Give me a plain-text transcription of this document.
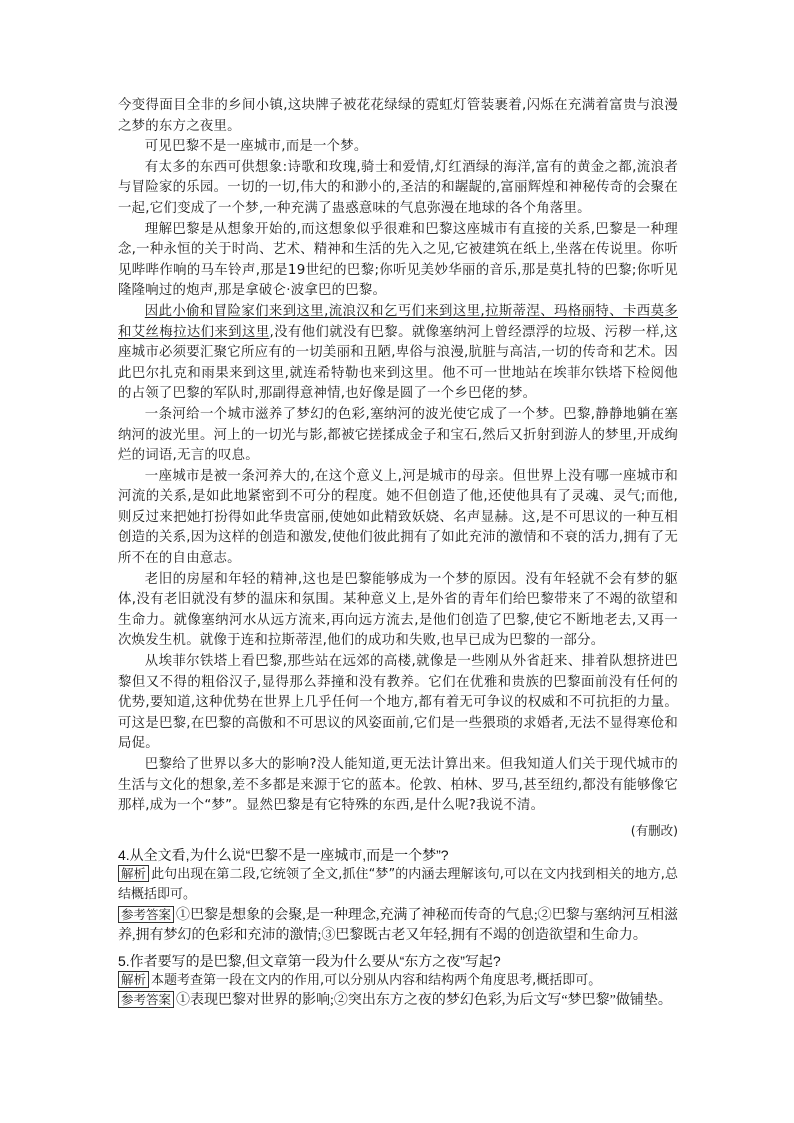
今变得面目全非的乡间小镇,这块牌子被花花绿绿的霓虹灯管装裹着,闪烁在充满着富贵与浪漫之梦的东方之夜里。

可见巴黎不是一座城市,而是一个梦。

有太多的东西可供想象:诗歌和玫瑰,骑士和爱情,灯红酒绿的海洋,富有的黄金之都,流浪者与冒险家的乐园。一切的一切,伟大的和渺小的,圣洁的和龌龊的,富丽辉煌和神秘传奇的会聚在一起,它们变成了一个梦,一种充满了蛊惑意味的气息弥漫在地球的各个角落里。

理解巴黎是从想象开始的,而这想象似乎很难和巴黎这座城市有直接的关系,巴黎是一种理念,一种永恒的关于时尚、艺术、精神和生活的先入之见,它被建筑在纸上,坐落在传说里。你听见哔哔作响的马车铃声,那是19世纪的巴黎;你听见美妙华丽的音乐,那是莫扎特的巴黎;你听见隆隆响过的炮声,那是拿破仑·波拿巴的巴黎。

因此小偷和冒险家们来到这里,流浪汉和乞丐们来到这里,拉斯蒂涅、玛格丽特、卡西莫多和艾丝梅拉达们来到这里,没有他们就没有巴黎。就像塞纳河上曾经漂浮的垃圾、污秽一样,这座城市必须要汇聚它所应有的一切美丽和丑陋,卑俗与浪漫,肮脏与高洁,一切的传奇和艺术。因此巴尔扎克和雨果来到这里,就连希特勒也来到这里。他不可一世地站在埃菲尔铁塔下检阅他的占领了巴黎的军队时,那副得意神情,也好像是圆了一个乡巴佬的梦。

一条河给一个城市滋养了梦幻的色彩,塞纳河的波光使它成了一个梦。巴黎,静静地躺在塞纳河的波光里。河上的一切光与影,都被它搓揉成金子和宝石,然后又折射到游人的梦里,开成绚烂的词语,无言的叹息。

一座城市是被一条河养大的,在这个意义上,河是城市的母亲。但世界上没有哪一座城市和河流的关系,是如此地紧密到不可分的程度。她不但创造了他,还使他具有了灵魂、灵气;而他,则反过来把她打扮得如此华贵富丽,使她如此精致妖娆、名声显赫。这,是不可思议的一种互相创造的关系,因为这样的创造和激发,使他们彼此拥有了如此充沛的激情和不衰的活力,拥有了无所不在的自由意志。

老旧的房屋和年轻的精神,这也是巴黎能够成为一个梦的原因。没有年轻就不会有梦的躯体,没有老旧就没有梦的温床和氛围。某种意义上,是外省的青年们给巴黎带来了不竭的欲望和生命力。就像塞纳河水从远方流来,再向远方流去,是他们创造了巴黎,使它不断地老去,又再一次焕发生机。就像于连和拉斯蒂涅,他们的成功和失败,也早已成为巴黎的一部分。

从埃菲尔铁塔上看巴黎,那些站在远郊的高楼,就像是一些刚从外省赶来、排着队想挤进巴黎但又不得的粗俗汉子,显得那么莽撞和没有教养。它们在优雅和贵族的巴黎面前没有任何的优势,要知道,这种优势在世界上几乎任何一个地方,都有着无可争议的权威和不可抗拒的力量。可这是巴黎,在巴黎的高傲和不可思议的风姿面前,它们是一些猥琐的求婚者,无法不显得寒伧和局促。

巴黎给了世界以多大的影响?没人能知道,更无法计算出来。但我知道人们关于现代城市的生活与文化的想象,差不多都是来源于它的蓝本。伦敦、柏林、罗马,甚至纽约,都没有能够像它那样,成为一个“梦”。显然巴黎是有它特殊的东西,是什么呢?我说不清。

(有删改)

4.从全文看,为什么说“巴黎不是一座城市,而是一个梦”?

解析 此句出现在第二段,它统领了全文,抓住“梦”的内涵去理解该句,可以在文内找到相关的地方,总结概括即可。

参考答案 ①巴黎是想象的会聚,是一种理念,充满了神秘而传奇的气息;②巴黎与塞纳河互相滋养,拥有梦幻的色彩和充沛的激情;③巴黎既古老又年轻,拥有不竭的创造欲望和生命力。

5.作者要写的是巴黎,但文章第一段为什么要从“东方之夜”写起?

解析 本题考查第一段在文内的作用,可以分别从内容和结构两个角度思考,概括即可。

参考答案 ①表现巴黎对世界的影响;②突出东方之夜的梦幻色彩,为后文写“梦巴黎”做铺垫。
